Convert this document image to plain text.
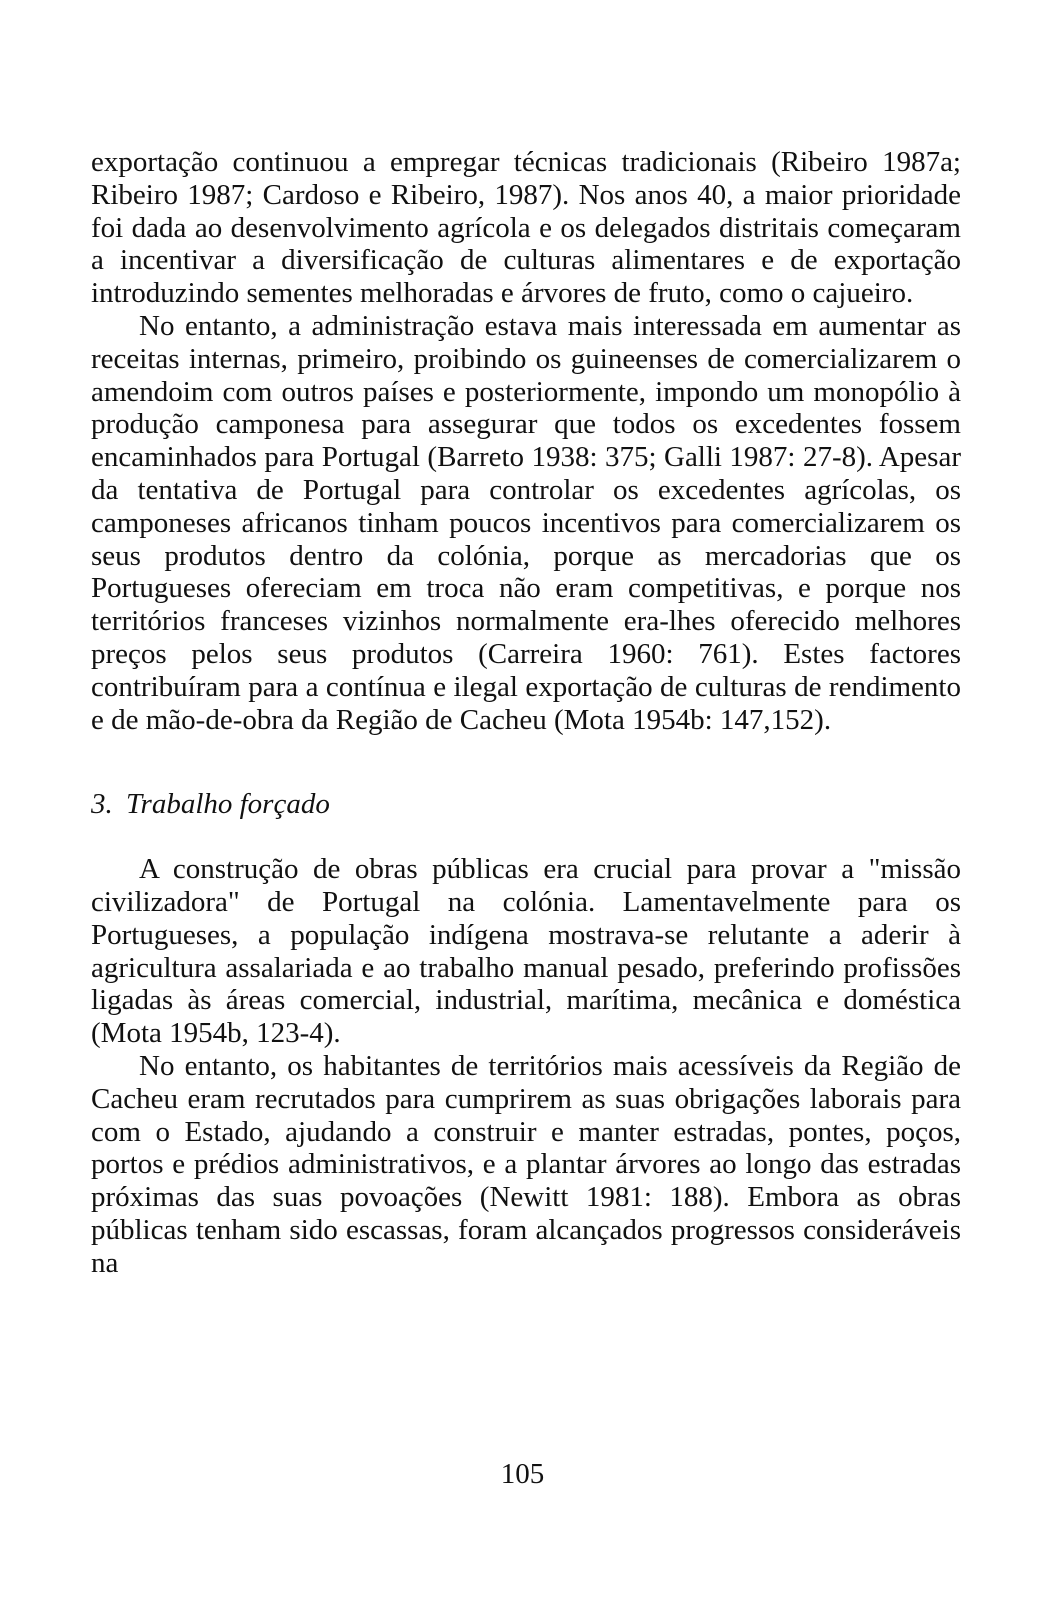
exportação continuou a empregar técnicas tradicionais (Ribeiro 1987a; Ribeiro 1987; Cardoso e Ribeiro, 1987). Nos anos 40, a maior prioridade foi dada ao desenvolvimento agrícola e os delegados distritais começaram a incentivar a diversificação de culturas alimentares e de exportação introduzindo sementes melhoradas e árvores de fruto, como o cajueiro.

No entanto, a administração estava mais interessada em aumentar as receitas internas, primeiro, proibindo os guineenses de comercializarem o amendoim com outros países e posteriormente, impondo um monopólio à produção camponesa para assegurar que todos os excedentes fossem encaminhados para Portugal (Barreto 1938: 375; Galli 1987: 27-8). Apesar da tentativa de Portugal para controlar os excedentes agrícolas, os camponeses africanos tinham poucos incentivos para comercializarem os seus produtos dentro da colónia, porque as mercadorias que os Portugueses ofereciam em troca não eram competitivas, e porque nos territórios franceses vizinhos normalmente era-lhes oferecido melhores preços pelos seus produtos (Carreira 1960: 761). Estes factores contribuíram para a contínua e ilegal exportação de culturas de rendimento e de mão-de-obra da Região de Cacheu (Mota 1954b: 147,152).

3. Trabalho forçado

A construção de obras públicas era crucial para provar a "missão civilizadora" de Portugal na colónia. Lamentavelmente para os Portugueses, a população indígena mostrava-se relutante a aderir à agricultura assalariada e ao trabalho manual pesado, preferindo profissões ligadas às áreas comercial, industrial, marítima, mecânica e doméstica (Mota 1954b, 123-4).

No entanto, os habitantes de territórios mais acessíveis da Região de Cacheu eram recrutados para cumprirem as suas obrigações laborais para com o Estado, ajudando a construir e manter estradas, pontes, poços, portos e prédios administrativos, e a plantar árvores ao longo das estradas próximas das suas povoações (Newitt 1981: 188). Embora as obras públicas tenham sido escassas, foram alcançados progressos consideráveis na

105
